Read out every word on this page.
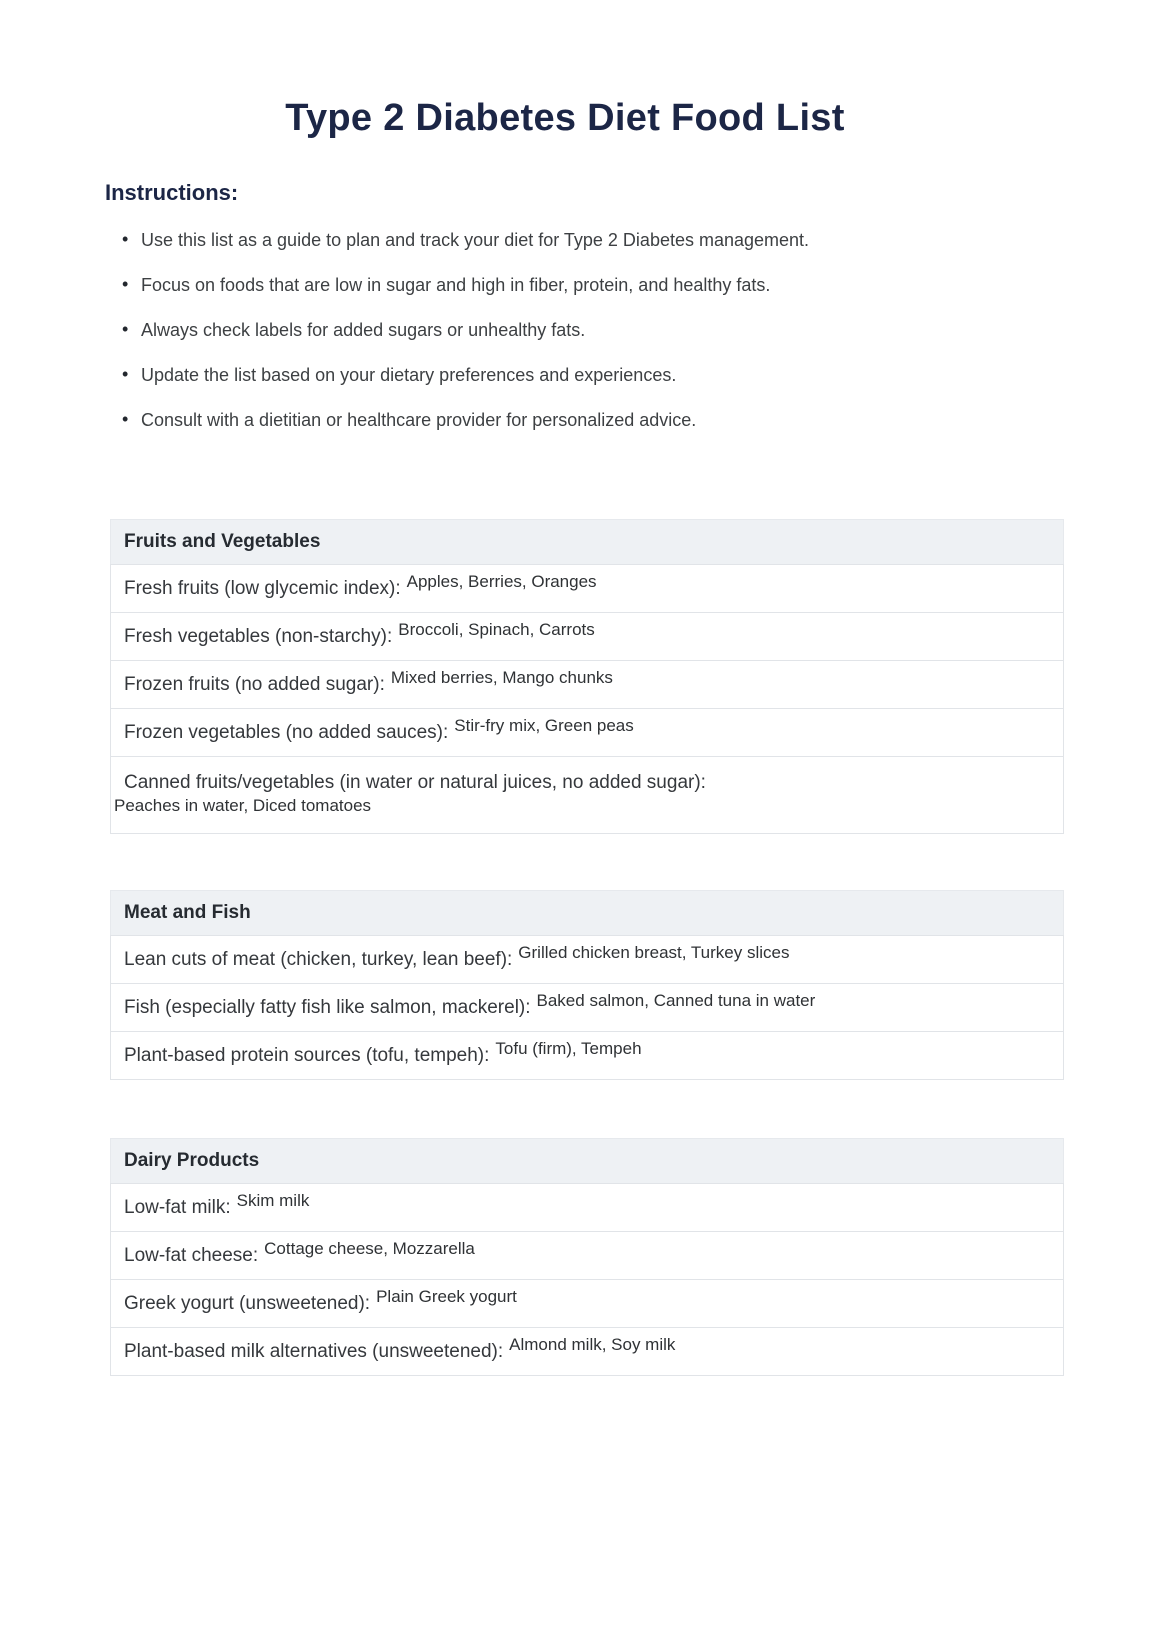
Type 2 Diabetes Diet Food List
Instructions:
• Use this list as a guide to plan and track your diet for Type 2 Diabetes management.
• Focus on foods that are low in sugar and high in fiber, protein, and healthy fats.
• Always check labels for added sugars or unhealthy fats.
• Update the list based on your dietary preferences and experiences.
• Consult with a dietitian or healthcare provider for personalized advice.
Fruits and Vegetables
Fresh fruits (low glycemic index): Apples, Berries, Oranges
Fresh vegetables (non-starchy): Broccoli, Spinach, Carrots
Frozen fruits (no added sugar): Mixed berries, Mango chunks
Frozen vegetables (no added sauces): Stir-fry mix, Green peas
Canned fruits/vegetables (in water or natural juices, no added sugar):
Peaches in water, Diced tomatoes
Meat and Fish
Lean cuts of meat (chicken, turkey, lean beef): Grilled chicken breast, Turkey slices
Fish (especially fatty fish like salmon, mackerel): Baked salmon, Canned tuna in water
Plant-based protein sources (tofu, tempeh): Tofu (firm), Tempeh
Dairy Products
Low-fat milk: Skim milk
Low-fat cheese: Cottage cheese, Mozzarella
Greek yogurt (unsweetened): Plain Greek yogurt
Plant-based milk alternatives (unsweetened): Almond milk, Soy milk
